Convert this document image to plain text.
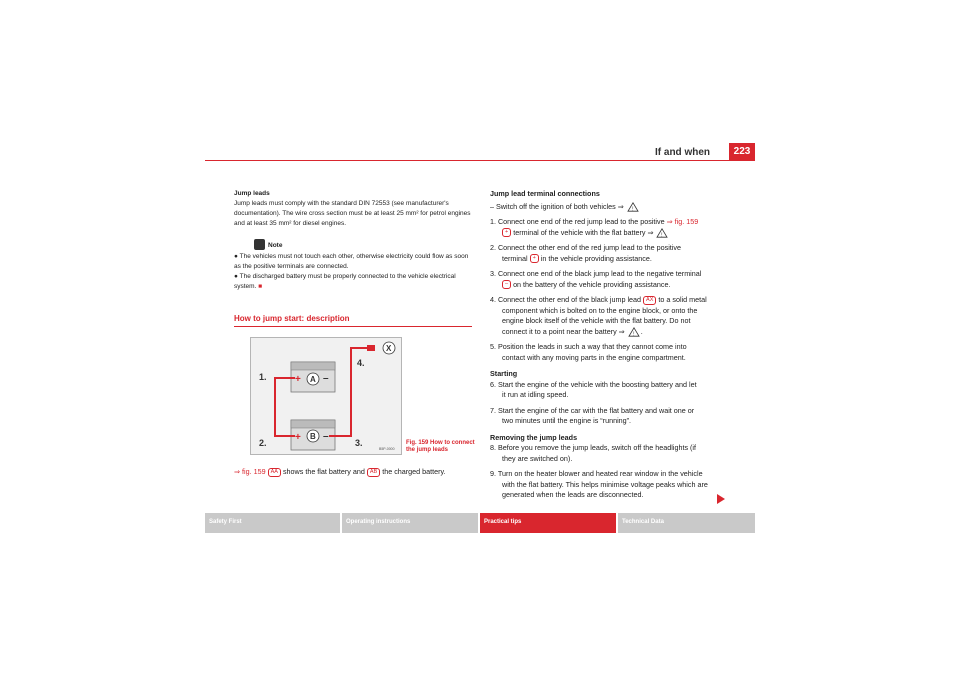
If and when	223
Jump leads
Jump leads must comply with the standard DIN 72553 (see manufacturer's documentation). The wire cross section must be at least 25 mm² for petrol engines and at least 35 mm² for diesel engines.
Note
● The vehicles must not touch each other, otherwise electricity could flow as soon as the positive terminals are connected.
● The discharged battery must be properly connected to the vehicle electrical system. ■
How to jump start: description
+ –
+ –
A
B
X
1.
2.	3.
4.
B5P-0000
Fig. 159 How to connect
the jump leads
⇒ fig. 159 AA shows the flat battery and AB the charged battery.
Jump lead terminal connections
– Switch off the ignition of both vehicles ⇒ !
1. Connect one end of the red jump lead to the positive ⇒ fig. 159
+ terminal of the vehicle with the flat battery ⇒ !
2. Connect the other end of the red jump lead to the positive
terminal + in the vehicle providing assistance.
3. Connect one end of the black jump lead to the negative terminal
– on the battery of the vehicle providing assistance.
4. Connect the other end of the black jump lead AX to a solid metal
component which is bolted on to the engine block, or onto the
engine block itself of the vehicle with the flat battery. Do not
connect it to a point near the battery ⇒ ! .
5. Position the leads in such a way that they cannot come into
contact with any moving parts in the engine compartment.
Starting
6. Start the engine of the vehicle with the boosting battery and let
it run at idling speed.
7. Start the engine of the car with the flat battery and wait one or
two minutes until the engine is “running”.
Removing the jump leads
8. Before you remove the jump leads, switch off the headlights (if
they are switched on).
9. Turn on the heater blower and heated rear window in the vehicle
with the flat battery. This helps minimise voltage peaks which are
generated when the leads are disconnected.
Safety First	Operating instructions	Practical tips	Technical Data
